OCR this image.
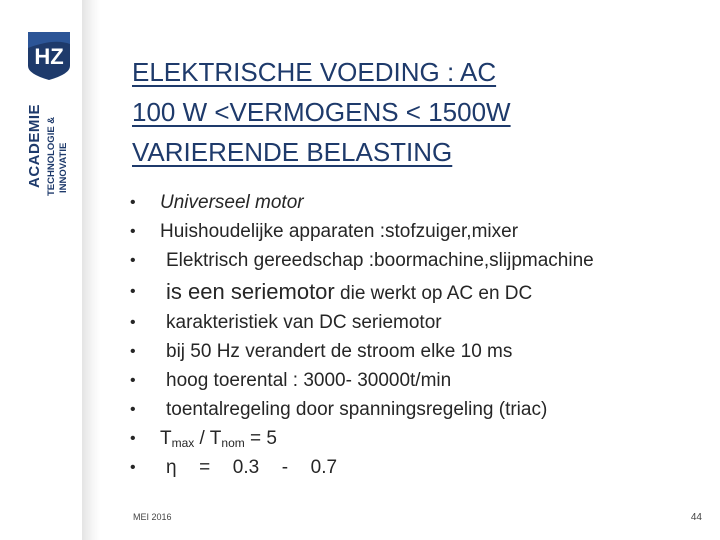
HZ
ACADEMIE TECHNOLOGIE & INNOVATIE
ELEKTRISCHE VOEDING : AC
100 W <VERMOGENS < 1500W
VARIERENDE BELASTING
•	Universeel motor
•	Huishoudelijke apparaten :stofzuiger,mixer
•	Elektrisch gereedschap :boormachine,slijpmachine
•	is een seriemotor die werkt op AC en DC
•	karakteristiek van DC seriemotor
•	bij 50 Hz verandert de stroom elke 10 ms
•	hoog toerental : 3000- 30000t/min
•	toentalregeling door spanningsregeling (triac)
•	$T_{max} / T_{nom} = 5$
•	η  =  0.3  -  0.7
MEI 2016	44
